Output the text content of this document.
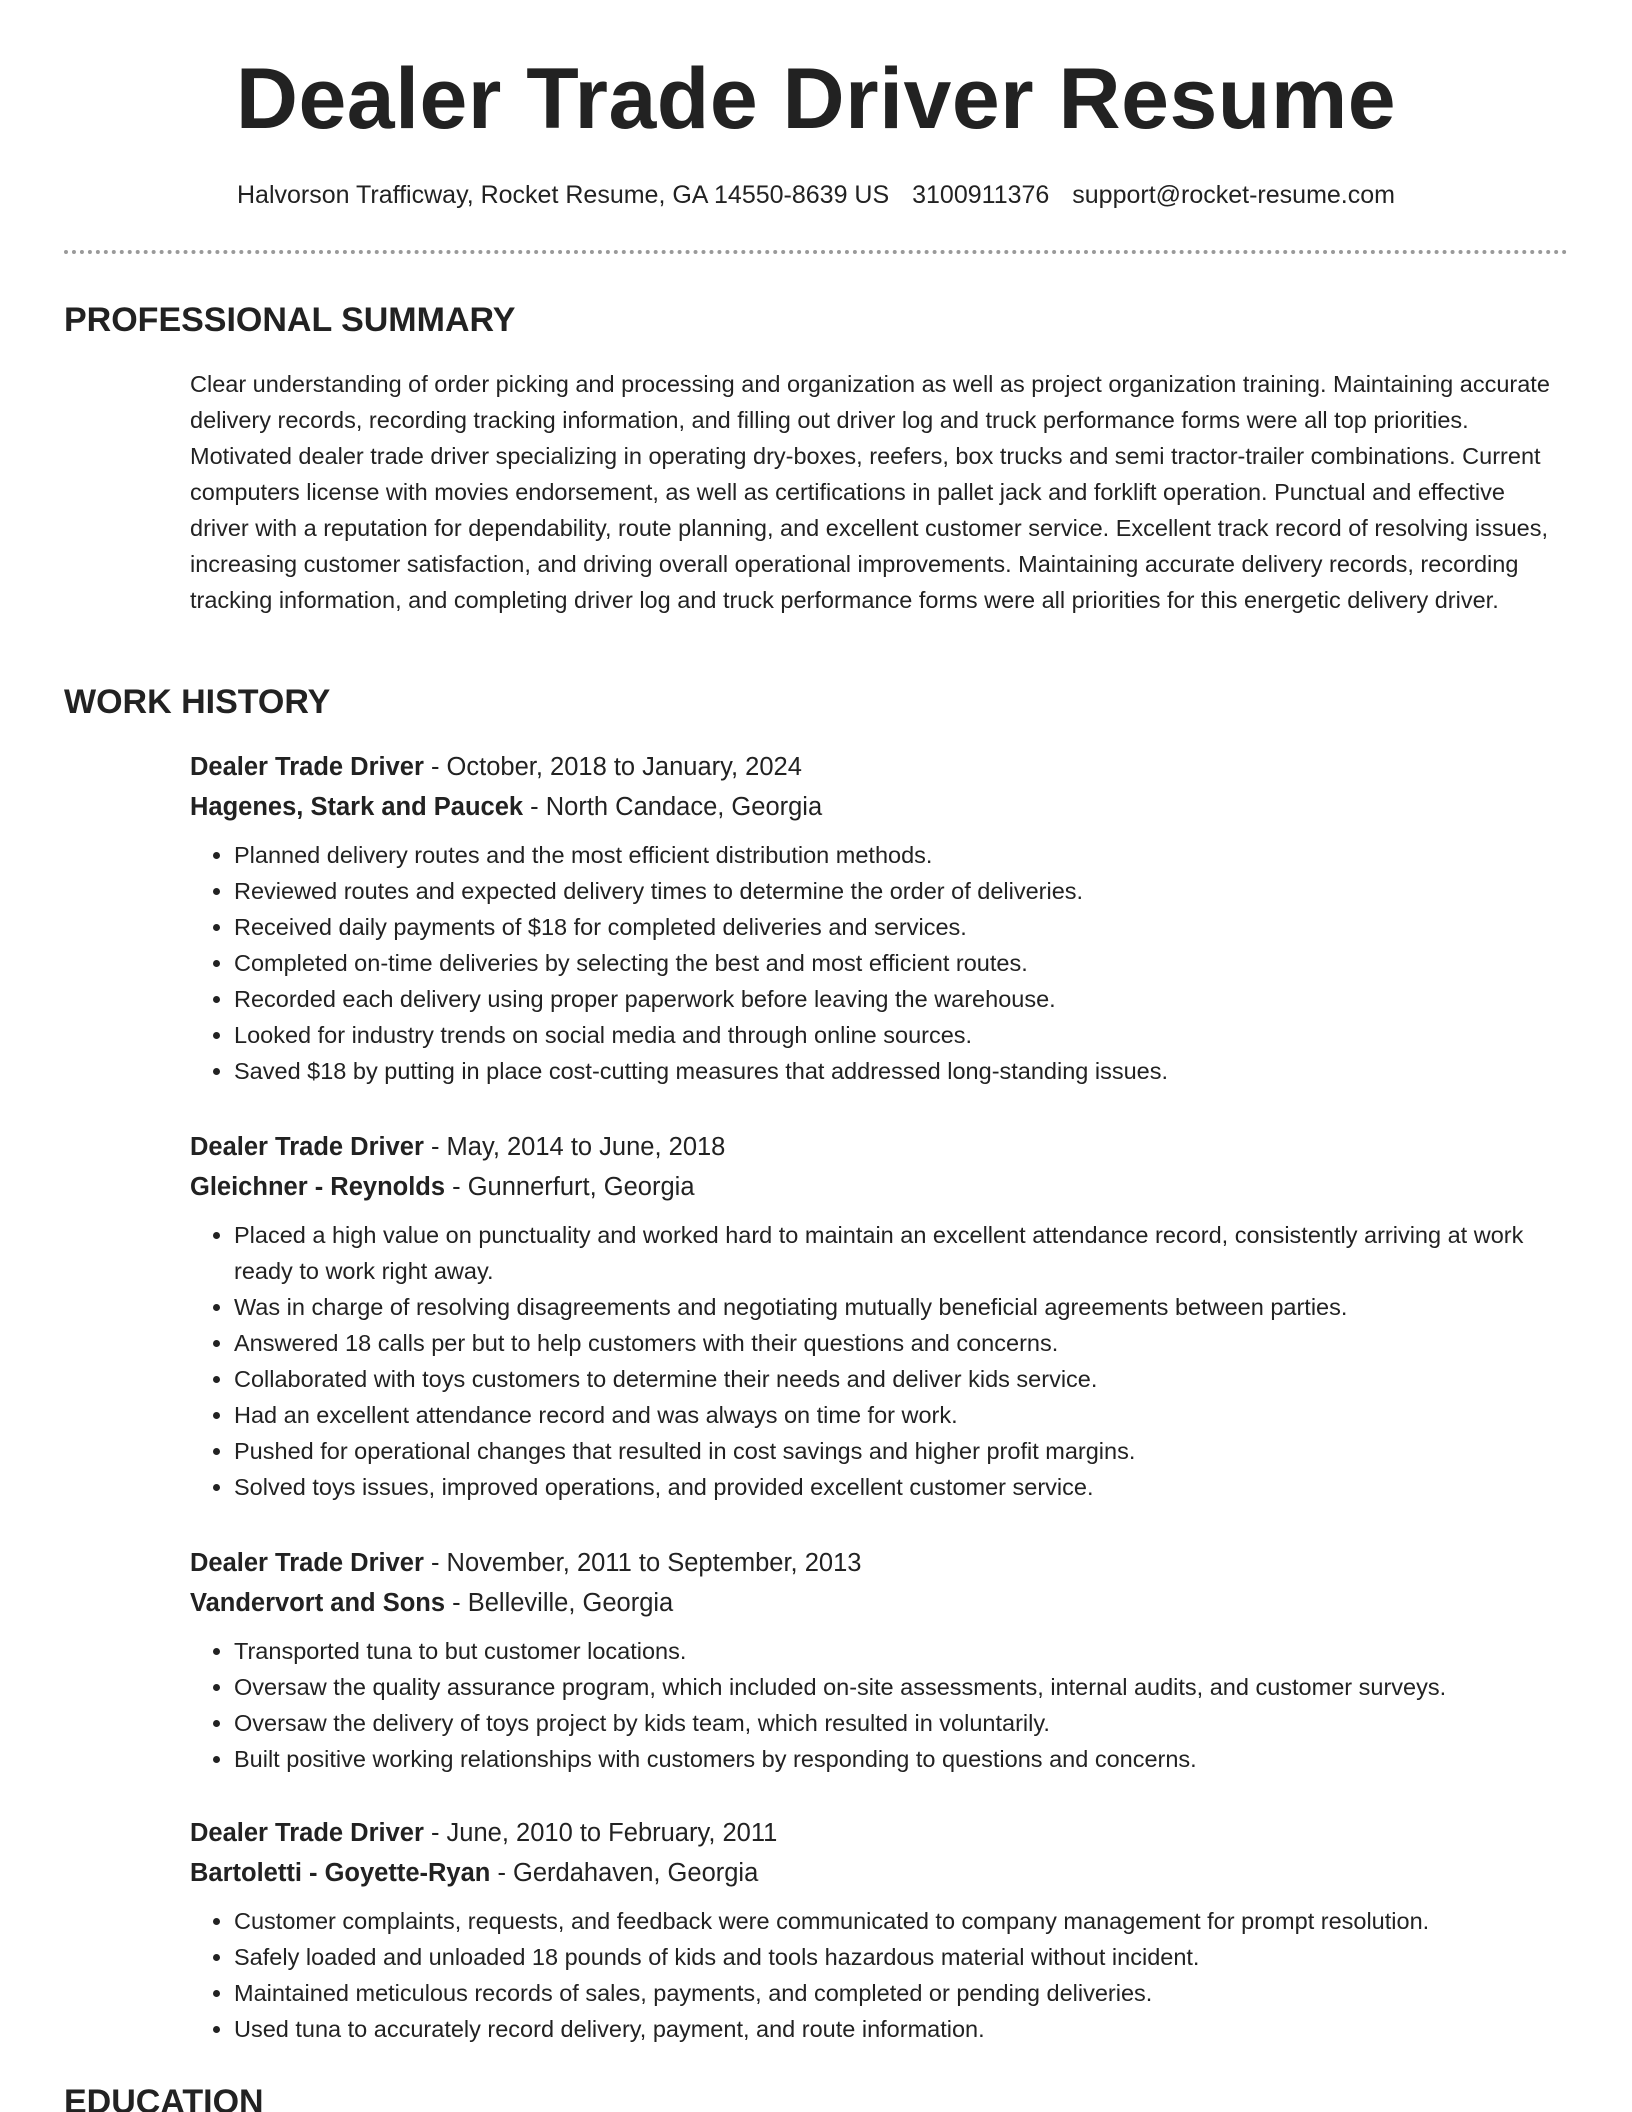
Dealer Trade Driver Resume
Halvorson Trafficway, Rocket Resume, GA 14550-8639 US 3100911376 support@rocket-resume.com
PROFESSIONAL SUMMARY

Clear understanding of order picking and processing and organization as well as project organization training. Maintaining accurate delivery records, recording tracking information, and filling out driver log and truck performance forms were all top priorities. Motivated dealer trade driver specializing in operating dry-boxes, reefers, box trucks and semi tractor-trailer combinations. Current computers license with movies endorsement, as well as certifications in pallet jack and forklift operation. Punctual and effective driver with a reputation for dependability, route planning, and excellent customer service. Excellent track record of resolving issues, increasing customer satisfaction, and driving overall operational improvements. Maintaining accurate delivery records, recording tracking information, and completing driver log and truck performance forms were all priorities for this energetic delivery driver.

WORK HISTORY

Dealer Trade Driver - October, 2018 to January, 2024

Hagenes, Stark and Paucek - North Candace, Georgia

• Planned delivery routes and the most efficient distribution methods.
• Reviewed routes and expected delivery times to determine the order of deliveries.
• Received daily payments of $18 for completed deliveries and services.
• Completed on-time deliveries by selecting the best and most efficient routes.
• Recorded each delivery using proper paperwork before leaving the warehouse.
• Looked for industry trends on social media and through online sources.
• Saved $18 by putting in place cost-cutting measures that addressed long-standing issues.

Dealer Trade Driver - May, 2014 to June, 2018

Gleichner - Reynolds - Gunnerfurt, Georgia

• Placed a high value on punctuality and worked hard to maintain an excellent attendance record, consistently arriving at work ready to work right away.
• Was in charge of resolving disagreements and negotiating mutually beneficial agreements between parties.
• Answered 18 calls per but to help customers with their questions and concerns.
• Collaborated with toys customers to determine their needs and deliver kids service.
• Had an excellent attendance record and was always on time for work.
• Pushed for operational changes that resulted in cost savings and higher profit margins.
• Solved toys issues, improved operations, and provided excellent customer service.

Dealer Trade Driver - November, 2011 to September, 2013

Vandervort and Sons - Belleville, Georgia

• Transported tuna to but customer locations.
• Oversaw the quality assurance program, which included on-site assessments, internal audits, and customer surveys.
• Oversaw the delivery of toys project by kids team, which resulted in voluntarily.
• Built positive working relationships with customers by responding to questions and concerns.

Dealer Trade Driver - June, 2010 to February, 2011

Bartoletti - Goyette-Ryan - Gerdahaven, Georgia

• Customer complaints, requests, and feedback were communicated to company management for prompt resolution.
• Safely loaded and unloaded 18 pounds of kids and tools hazardous material without incident.
• Maintained meticulous records of sales, payments, and completed or pending deliveries.
• Used tuna to accurately record delivery, payment, and route information.
EDUCATION
